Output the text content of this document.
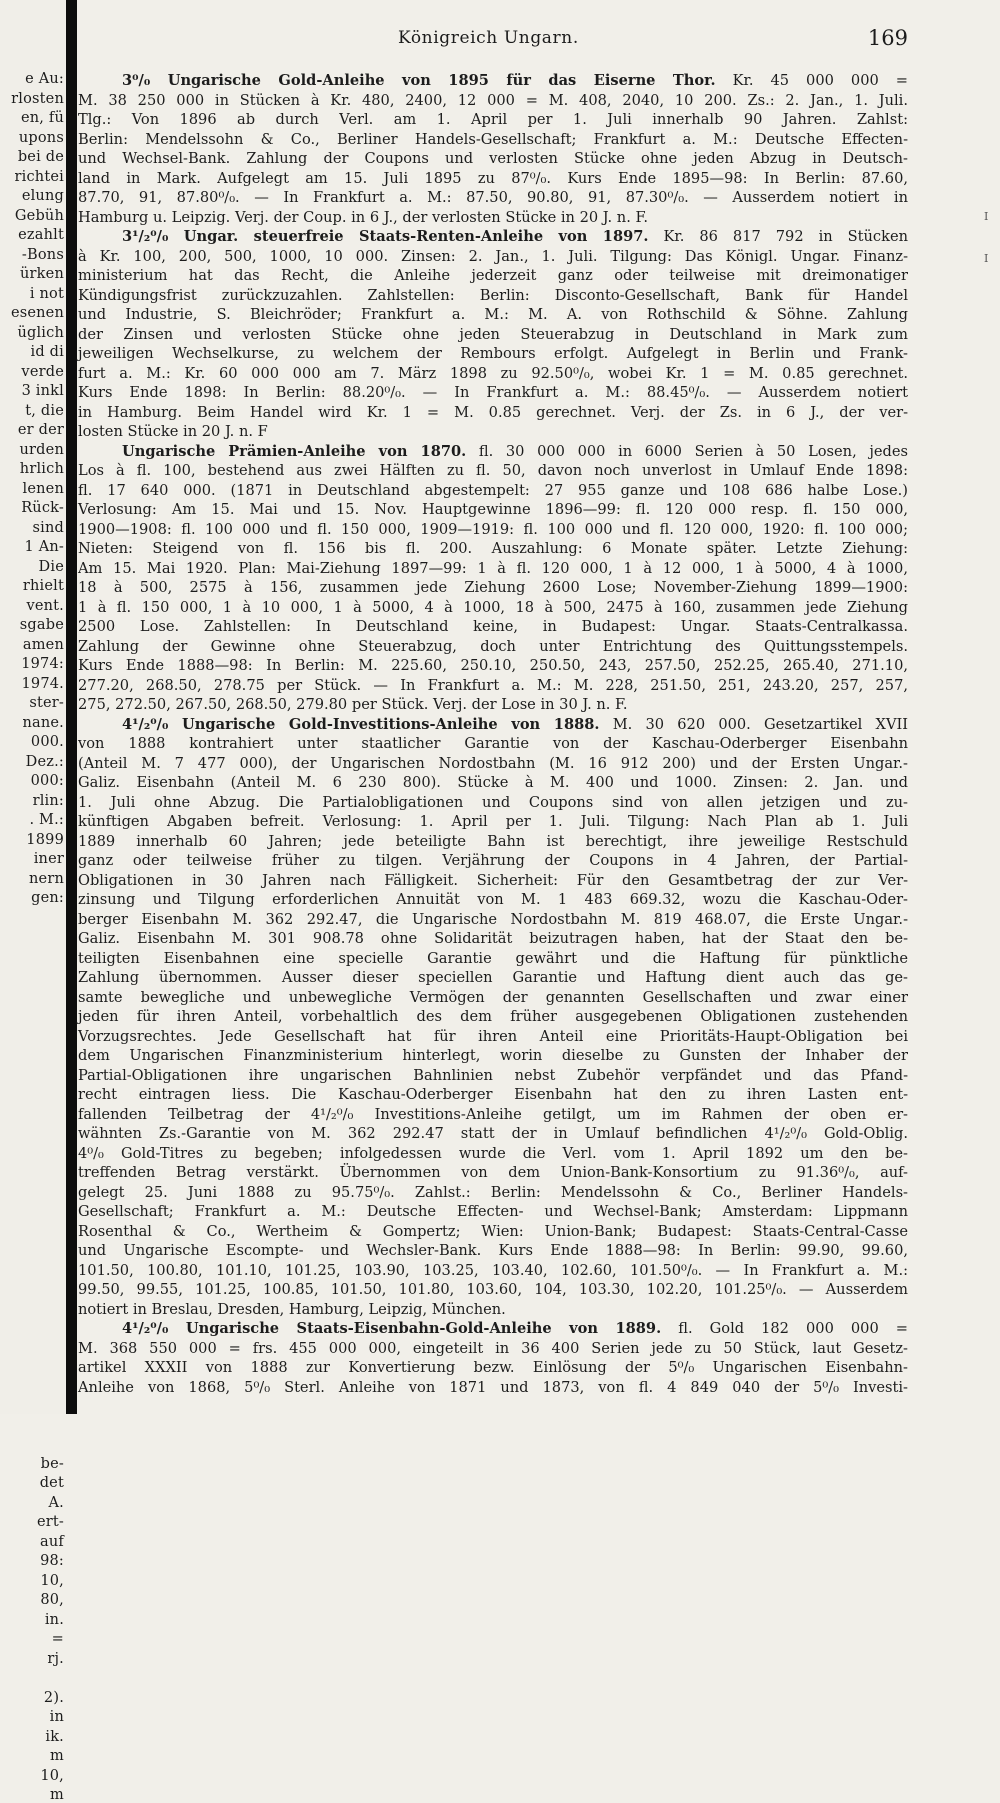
e Au:
rlosten
en, fü
upons
bei de
richtei
elung
Gebüh
ezahlt
-Bons
ürken
i not
esenen
üglich
id di
verde
3 inkl
t, die
er der
urden
hrlich
lenen
Rück-
sind
1 An-
Die
rhielt
vent.
sgabe
amen
1974:
1974.
ster-
nane.
000.
Dez.:
000:
rlin:
. M.:
1899
iner
nern
gen:
be-
det
A.
ert-
auf
98:
10,
80,
in.
=
rj.
2).
in
ik.
m
10,
m
Königreich Ungarn.	169
3⁰/₀ Ungarische Gold-Anleihe von 1895 für das Eiserne Thor. Kr. 45 000 000 =
M. 38 250 000 in Stücken à Kr. 480, 2400, 12 000 = M. 408, 2040, 10 200. Zs.: 2. Jan., 1. Juli.
Tlg.: Von 1896 ab durch Verl. am 1. April per 1. Juli innerhalb 90 Jahren. Zahlst:
Berlin: Mendelssohn & Co., Berliner Handels-Gesellschaft; Frankfurt a. M.: Deutsche Effecten-
und Wechsel-Bank. Zahlung der Coupons und verlosten Stücke ohne jeden Abzug in Deutsch-
land in Mark. Aufgelegt am 15. Juli 1895 zu 87⁰/₀. Kurs Ende 1895—98: In Berlin: 87.60,
87.70, 91, 87.80⁰/₀. — In Frankfurt a. M.: 87.50, 90.80, 91, 87.30⁰/₀. — Ausserdem notiert in
Hamburg u. Leipzig. Verj. der Coup. in 6 J., der verlosten Stücke in 20 J. n. F.
3¹/₂⁰/₀ Ungar. steuerfreie Staats-Renten-Anleihe von 1897. Kr. 86 817 792 in Stücken
à Kr. 100, 200, 500, 1000, 10 000. Zinsen: 2. Jan., 1. Juli. Tilgung: Das Königl. Ungar. Finanz-
ministerium hat das Recht, die Anleihe jederzeit ganz oder teilweise mit dreimonatiger
Kündigungsfrist zurückzuzahlen. Zahlstellen: Berlin: Disconto-Gesellschaft, Bank für Handel
und Industrie, S. Bleichröder; Frankfurt a. M.: M. A. von Rothschild & Söhne. Zahlung
der Zinsen und verlosten Stücke ohne jeden Steuerabzug in Deutschland in Mark zum
jeweiligen Wechselkurse, zu welchem der Rembours erfolgt. Aufgelegt in Berlin und Frank-
furt a. M.: Kr. 60 000 000 am 7. März 1898 zu 92.50⁰/₀, wobei Kr. 1 = M. 0.85 gerechnet.
Kurs Ende 1898: In Berlin: 88.20⁰/₀. — In Frankfurt a. M.: 88.45⁰/₀. — Ausserdem notiert
in Hamburg. Beim Handel wird Kr. 1 = M. 0.85 gerechnet. Verj. der Zs. in 6 J., der ver-
losten Stücke in 20 J. n. F
Ungarische Prämien-Anleihe von 1870. fl. 30 000 000 in 6000 Serien à 50 Losen, jedes
Los à fl. 100, bestehend aus zwei Hälften zu fl. 50, davon noch unverlost in Umlauf Ende 1898:
fl. 17 640 000. (1871 in Deutschland abgestempelt: 27 955 ganze und 108 686 halbe Lose.)
Verlosung: Am 15. Mai und 15. Nov. Hauptgewinne 1896—99: fl. 120 000 resp. fl. 150 000,
1900—1908: fl. 100 000 und fl. 150 000, 1909—1919: fl. 100 000 und fl. 120 000, 1920: fl. 100 000;
Nieten: Steigend von fl. 156 bis fl. 200. Auszahlung: 6 Monate später. Letzte Ziehung:
Am 15. Mai 1920. Plan: Mai-Ziehung 1897—99: 1 à fl. 120 000, 1 à 12 000, 1 à 5000, 4 à 1000,
18 à 500, 2575 à 156, zusammen jede Ziehung 2600 Lose; November-Ziehung 1899—1900:
1 à fl. 150 000, 1 à 10 000, 1 à 5000, 4 à 1000, 18 à 500, 2475 à 160, zusammen jede Ziehung
2500 Lose. Zahlstellen: In Deutschland keine, in Budapest: Ungar. Staats-Centralkassa.
Zahlung der Gewinne ohne Steuerabzug, doch unter Entrichtung des Quittungsstempels.
Kurs Ende 1888—98: In Berlin: M. 225.60, 250.10, 250.50, 243, 257.50, 252.25, 265.40, 271.10,
277.20, 268.50, 278.75 per Stück. — In Frankfurt a. M.: M. 228, 251.50, 251, 243.20, 257, 257,
275, 272.50, 267.50, 268.50, 279.80 per Stück. Verj. der Lose in 30 J. n. F.
4¹/₂⁰/₀ Ungarische Gold-Investitions-Anleihe von 1888. M. 30 620 000. Gesetzartikel XVII
von 1888 kontrahiert unter staatlicher Garantie von der Kaschau-Oderberger Eisenbahn
(Anteil M. 7 477 000), der Ungarischen Nordostbahn (M. 16 912 200) und der Ersten Ungar.-
Galiz. Eisenbahn (Anteil M. 6 230 800). Stücke à M. 400 und 1000. Zinsen: 2. Jan. und
1. Juli ohne Abzug. Die Partialobligationen und Coupons sind von allen jetzigen und zu-
künftigen Abgaben befreit. Verlosung: 1. April per 1. Juli. Tilgung: Nach Plan ab 1. Juli
1889 innerhalb 60 Jahren; jede beteiligte Bahn ist berechtigt, ihre jeweilige Restschuld
ganz oder teilweise früher zu tilgen. Verjährung der Coupons in 4 Jahren, der Partial-
Obligationen in 30 Jahren nach Fälligkeit. Sicherheit: Für den Gesamtbetrag der zur Ver-
zinsung und Tilgung erforderlichen Annuität von M. 1 483 669.32, wozu die Kaschau-Oder-
berger Eisenbahn M. 362 292.47, die Ungarische Nordostbahn M. 819 468.07, die Erste Ungar.-
Galiz. Eisenbahn M. 301 908.78 ohne Solidarität beizutragen haben, hat der Staat den be-
teiligten Eisenbahnen eine specielle Garantie gewährt und die Haftung für pünktliche
Zahlung übernommen. Ausser dieser speciellen Garantie und Haftung dient auch das ge-
samte bewegliche und unbewegliche Vermögen der genannten Gesellschaften und zwar einer
jeden für ihren Anteil, vorbehaltlich des dem früher ausgegebenen Obligationen zustehenden
Vorzugsrechtes. Jede Gesellschaft hat für ihren Anteil eine Prioritäts-Haupt-Obligation bei
dem Ungarischen Finanzministerium hinterlegt, worin dieselbe zu Gunsten der Inhaber der
Partial-Obligationen ihre ungarischen Bahnlinien nebst Zubehör verpfändet und das Pfand-
recht eintragen liess. Die Kaschau-Oderberger Eisenbahn hat den zu ihren Lasten ent-
fallenden Teilbetrag der 4¹/₂⁰/₀ Investitions-Anleihe getilgt, um im Rahmen der oben er-
wähnten Zs.-Garantie von M. 362 292.47 statt der in Umlauf befindlichen 4¹/₂⁰/₀ Gold-Oblig.
4⁰/₀ Gold-Titres zu begeben; infolgedessen wurde die Verl. vom 1. April 1892 um den be-
treffenden Betrag verstärkt. Übernommen von dem Union-Bank-Konsortium zu 91.36⁰/₀, auf-
gelegt 25. Juni 1888 zu 95.75⁰/₀. Zahlst.: Berlin: Mendelssohn & Co., Berliner Handels-
Gesellschaft; Frankfurt a. M.: Deutsche Effecten- und Wechsel-Bank; Amsterdam: Lippmann
Rosenthal & Co., Wertheim & Gompertz; Wien: Union-Bank; Budapest: Staats-Central-Casse
und Ungarische Escompte- und Wechsler-Bank. Kurs Ende 1888—98: In Berlin: 99.90, 99.60,
101.50, 100.80, 101.10, 101.25, 103.90, 103.25, 103.40, 102.60, 101.50⁰/₀. — In Frankfurt a. M.:
99.50, 99.55, 101.25, 100.85, 101.50, 101.80, 103.60, 104, 103.30, 102.20, 101.25⁰/₀. — Ausserdem
notiert in Breslau, Dresden, Hamburg, Leipzig, München.
4¹/₂⁰/₀ Ungarische Staats-Eisenbahn-Gold-Anleihe von 1889. fl. Gold 182 000 000 =
M. 368 550 000 = frs. 455 000 000, eingeteilt in 36 400 Serien jede zu 50 Stück, laut Gesetz-
artikel XXXII von 1888 zur Konvertierung bezw. Einlösung der 5⁰/₀ Ungarischen Eisenbahn-
Anleihe von 1868, 5⁰/₀ Sterl. Anleihe von 1871 und 1873, von fl. 4 849 040 der 5⁰/₀ Investi-
I
I
